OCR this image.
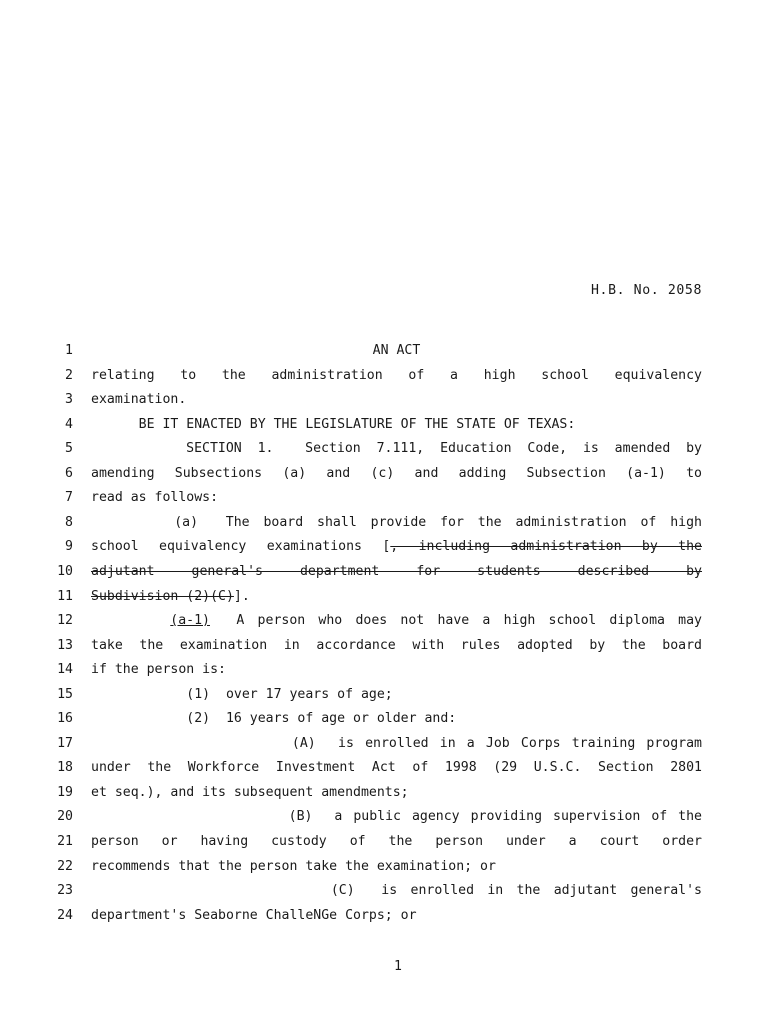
H.B. No. 2058
1	AN ACT
2 relating to the administration of a high school equivalency
3 examination.
4 BE IT ENACTED BY THE LEGISLATURE OF THE STATE OF TEXAS:
5 SECTION 1.  Section 7.111, Education Code, is amended by
6 amending Subsections (a) and (c) and adding Subsection (a-1) to
7 read as follows:
8 (a)  The board shall provide for the administration of high
9 school equivalency examinations [, including administration by the
10 adjutant general's department for students described by
11 Subdivision (2)(C)].
12	(a-1)  A person who does not have a high school diploma may
13 take the examination in accordance with rules adopted by the board
14 if the person is:
15 (1)  over 17 years of age;
16 (2)  16 years of age or older and:
17 (A)  is enrolled in a Job Corps training program
18 under the Workforce Investment Act of 1998 (29 U.S.C. Section 2801
19 et seq.), and its subsequent amendments;
20 (B)  a public agency providing supervision of the
21 person or having custody of the person under a court order
22 recommends that the person take the examination; or
23 (C)  is enrolled in the adjutant general's
24 department's Seaborne ChalleNGe Corps; or
1
